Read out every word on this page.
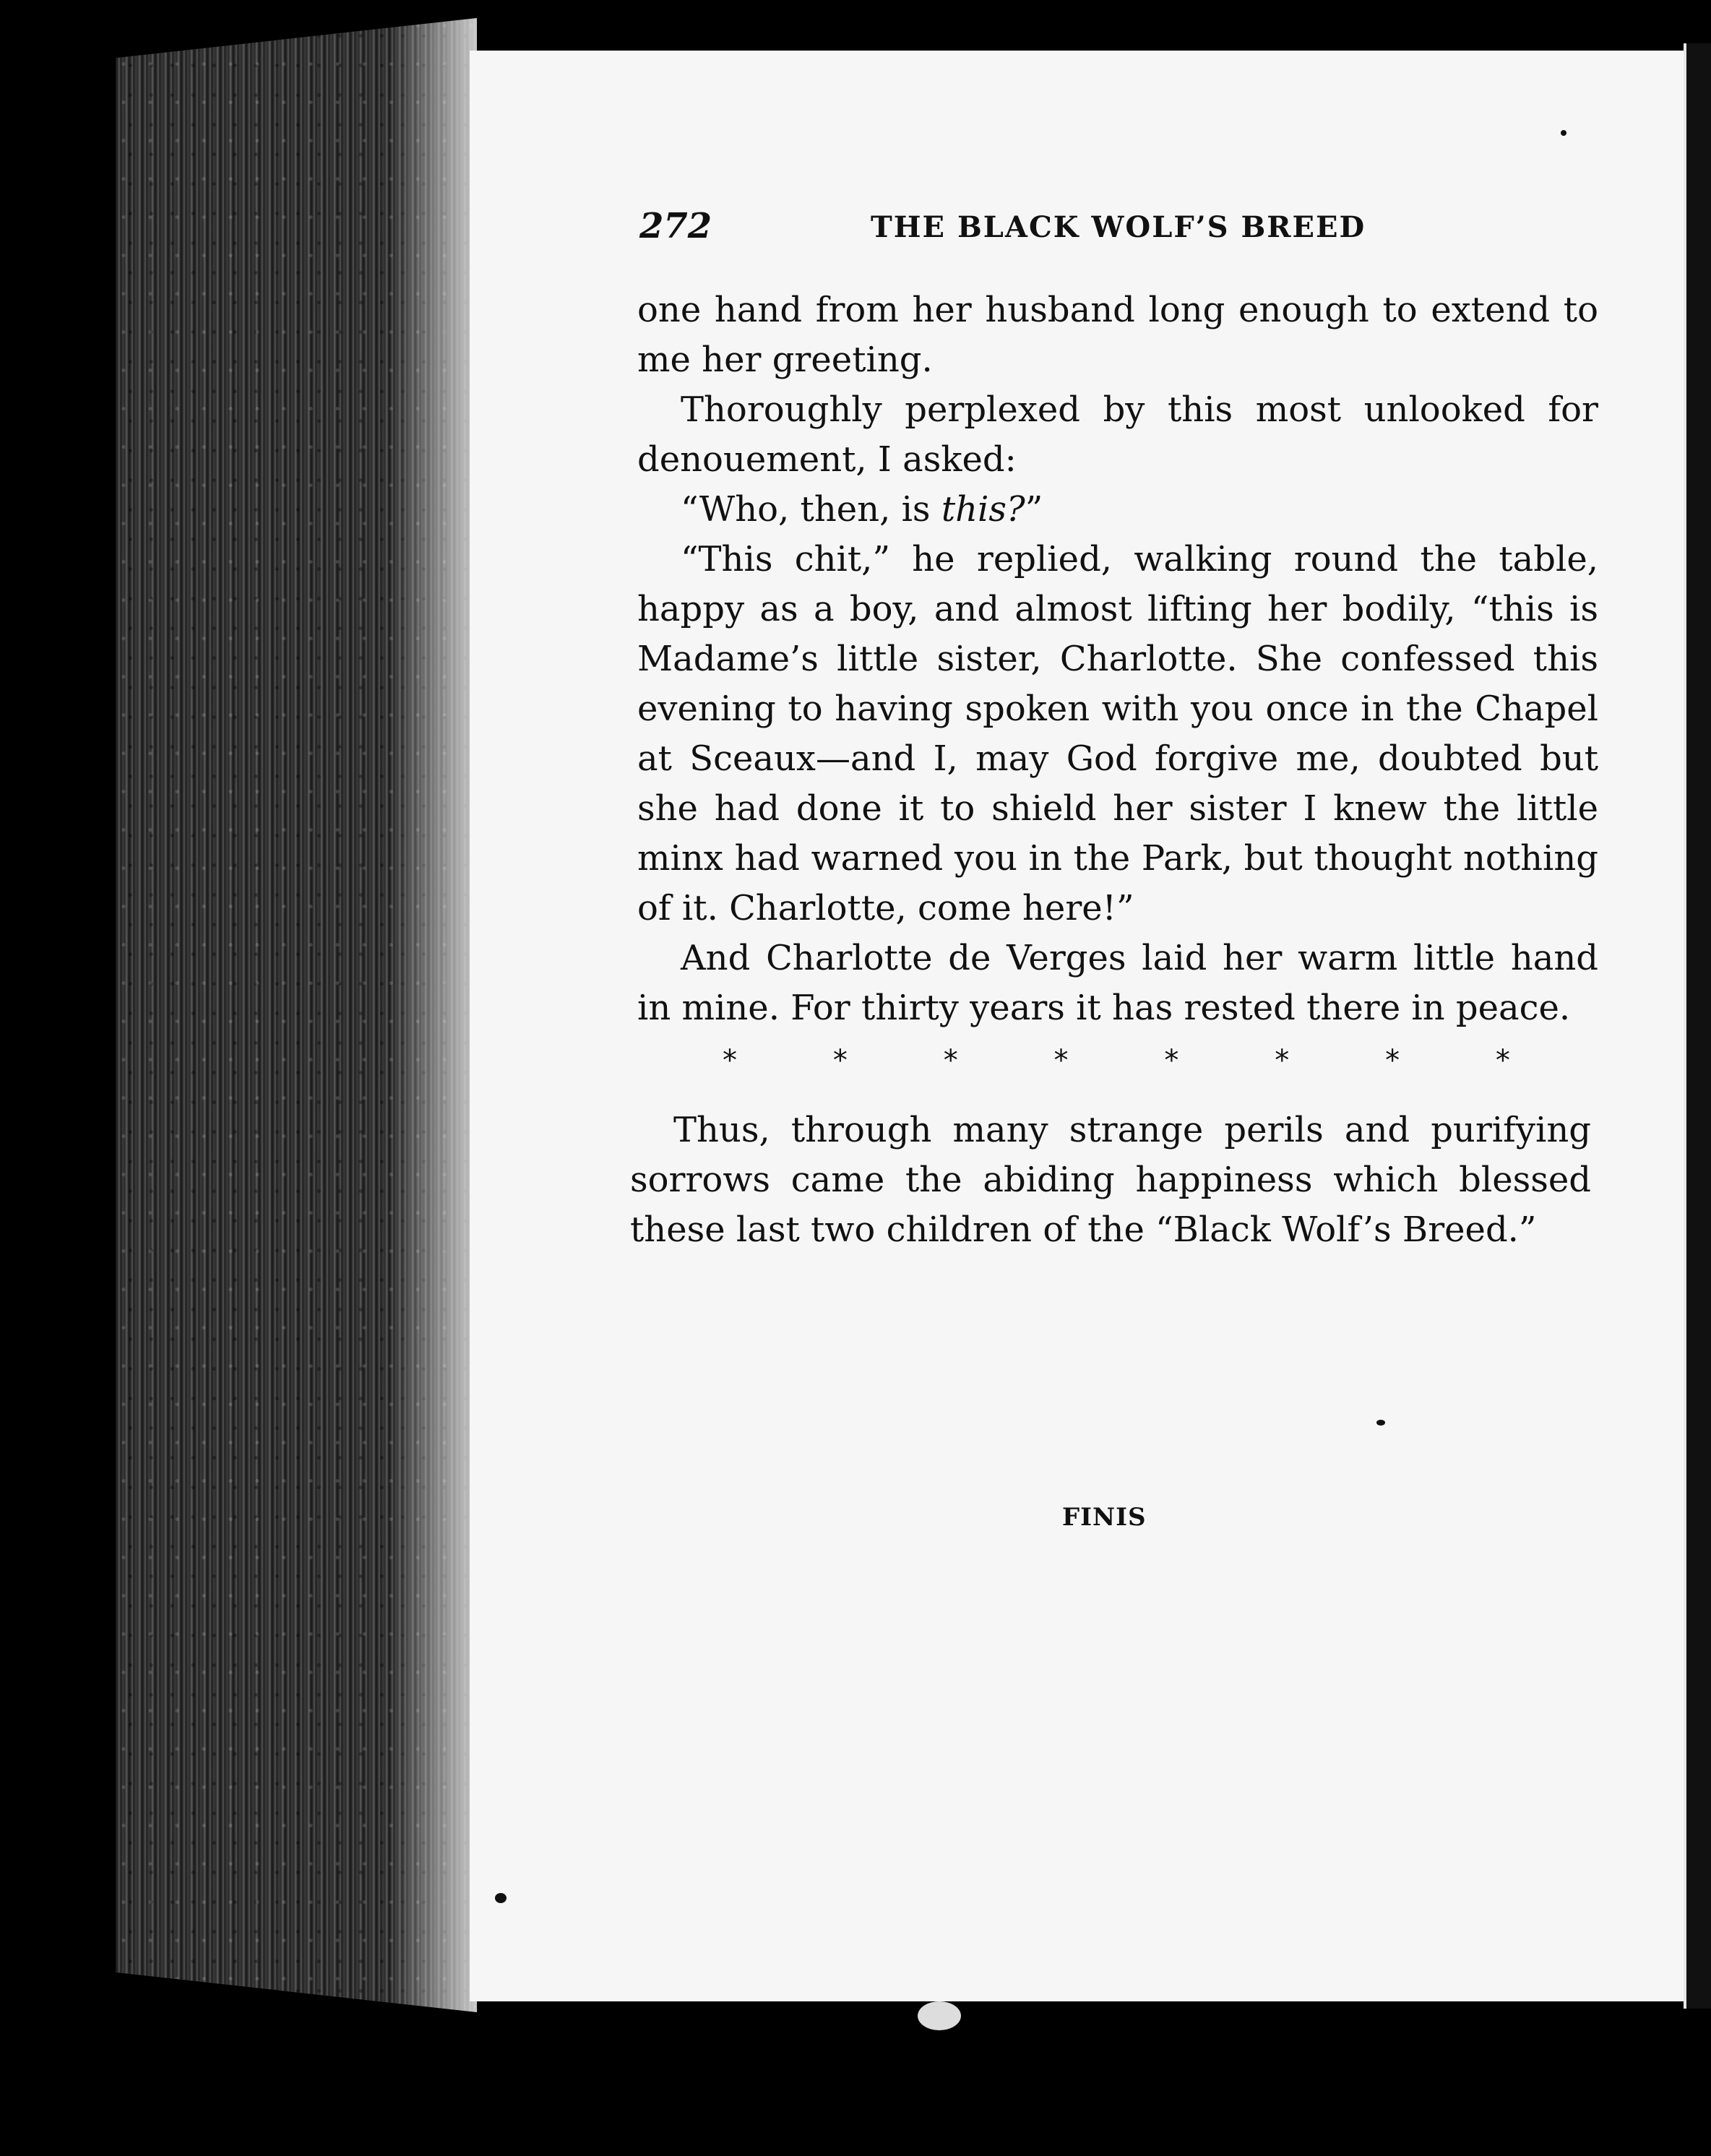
272	THE BLACK WOLF’S BREED

one hand from her husband long enough to extend to me her greeting.

Thoroughly perplexed by this most unlooked for denouement, I asked:

“Who, then, is this?”

“This chit,” he replied, walking round the table, happy as a boy, and almost lifting her bodily, “this is Madame’s little sister, Charlotte. She confessed this evening to having spoken with you once in the Chapel at Sceaux—and I, may God forgive me, doubted but she had done it to shield her sister I knew the little minx had warned you in the Park, but thought nothing of it. Charlotte, come here!”

And Charlotte de Verges laid her warm little hand in mine. For thirty years it has rested there in peace.

*	*	*	*	*	*	*	*

Thus, through many strange perils and purifying sorrows came the abiding happiness which blessed these last two children of the “Black Wolf’s Breed.”

FINIS
